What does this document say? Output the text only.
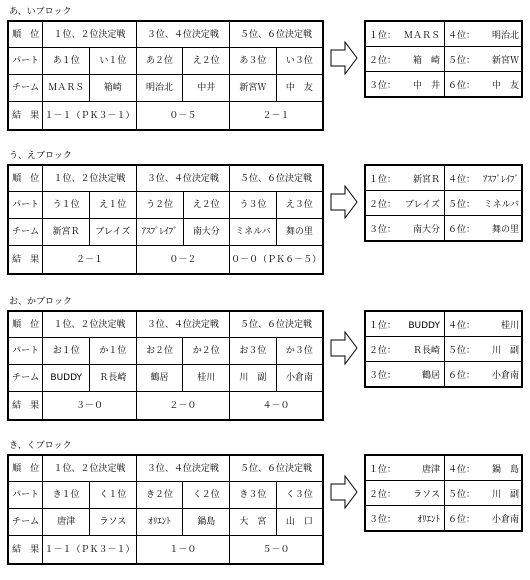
あ、いブロック
順　位	１位、２位決定戦		３位、４位決定戦		５位、６位決定戦	
パート	あ１位	い１位	あ２位	え２位	あ３位	い３位
チーム	ＭＡＲＳ	箱崎	明治北	中井	新宮Ｗ	中　友
結　果	１－１（ＰＫ３－１）		０－５		２－１	
１位： ＭＡＲＳ	４位： 明治北
２位： 箱　崎	５位： 新宮Ｗ
３位： 中　井	６位： 中　友
う、えブロック
順　位	１位、２位決定戦		３位、４位決定戦		５位、６位決定戦	
パート	う１位	え１位	う２位	え２位	う３位	え３位
チーム	新宮Ｒ	ブレイズ	ｱｽﾌﾟﾚｲﾌﾞ	南大分	ミネルバ	舞の里
結　果	２－１		０－２		０－０（ＰＫ６－５）	
１位： 新宮Ｒ	４位： ｱｽﾌﾟﾚｲﾌﾞ
２位： ブレイズ	５位： ミネルバ
３位： 南大分	６位： 舞の里
お、かブロック
順　位	１位、２位決定戦		３位、４位決定戦		５位、６位決定戦	
パート	お１位	か１位	お２位	か２位	お３位	か３位
チーム	BUDDY	Ｒ長崎	鶴居	桂川	川　副	小倉南
結　果	３－０		２－０		４－０	
１位： BUDDY	４位： 桂川
２位： Ｒ長崎	５位： 川　副
３位： 鶴居	６位： 小倉南
き、くブロック
順　位	１位、２位決定戦		３位、４位決定戦		５位、６位決定戦	
パート	き１位	く１位	き２位	く２位	き３位	く３位
チーム	唐津	ラソス	ｵﾘｴﾝﾄ	鍋島	大　宮	山　口
結　果	１－１（ＰＫ３－１）		１－０		５－０	
１位： 唐津	４位： 鍋　島
２位： ラソス	５位： 川　副
３位： ｵﾘｴﾝﾄ	６位： 小倉南
